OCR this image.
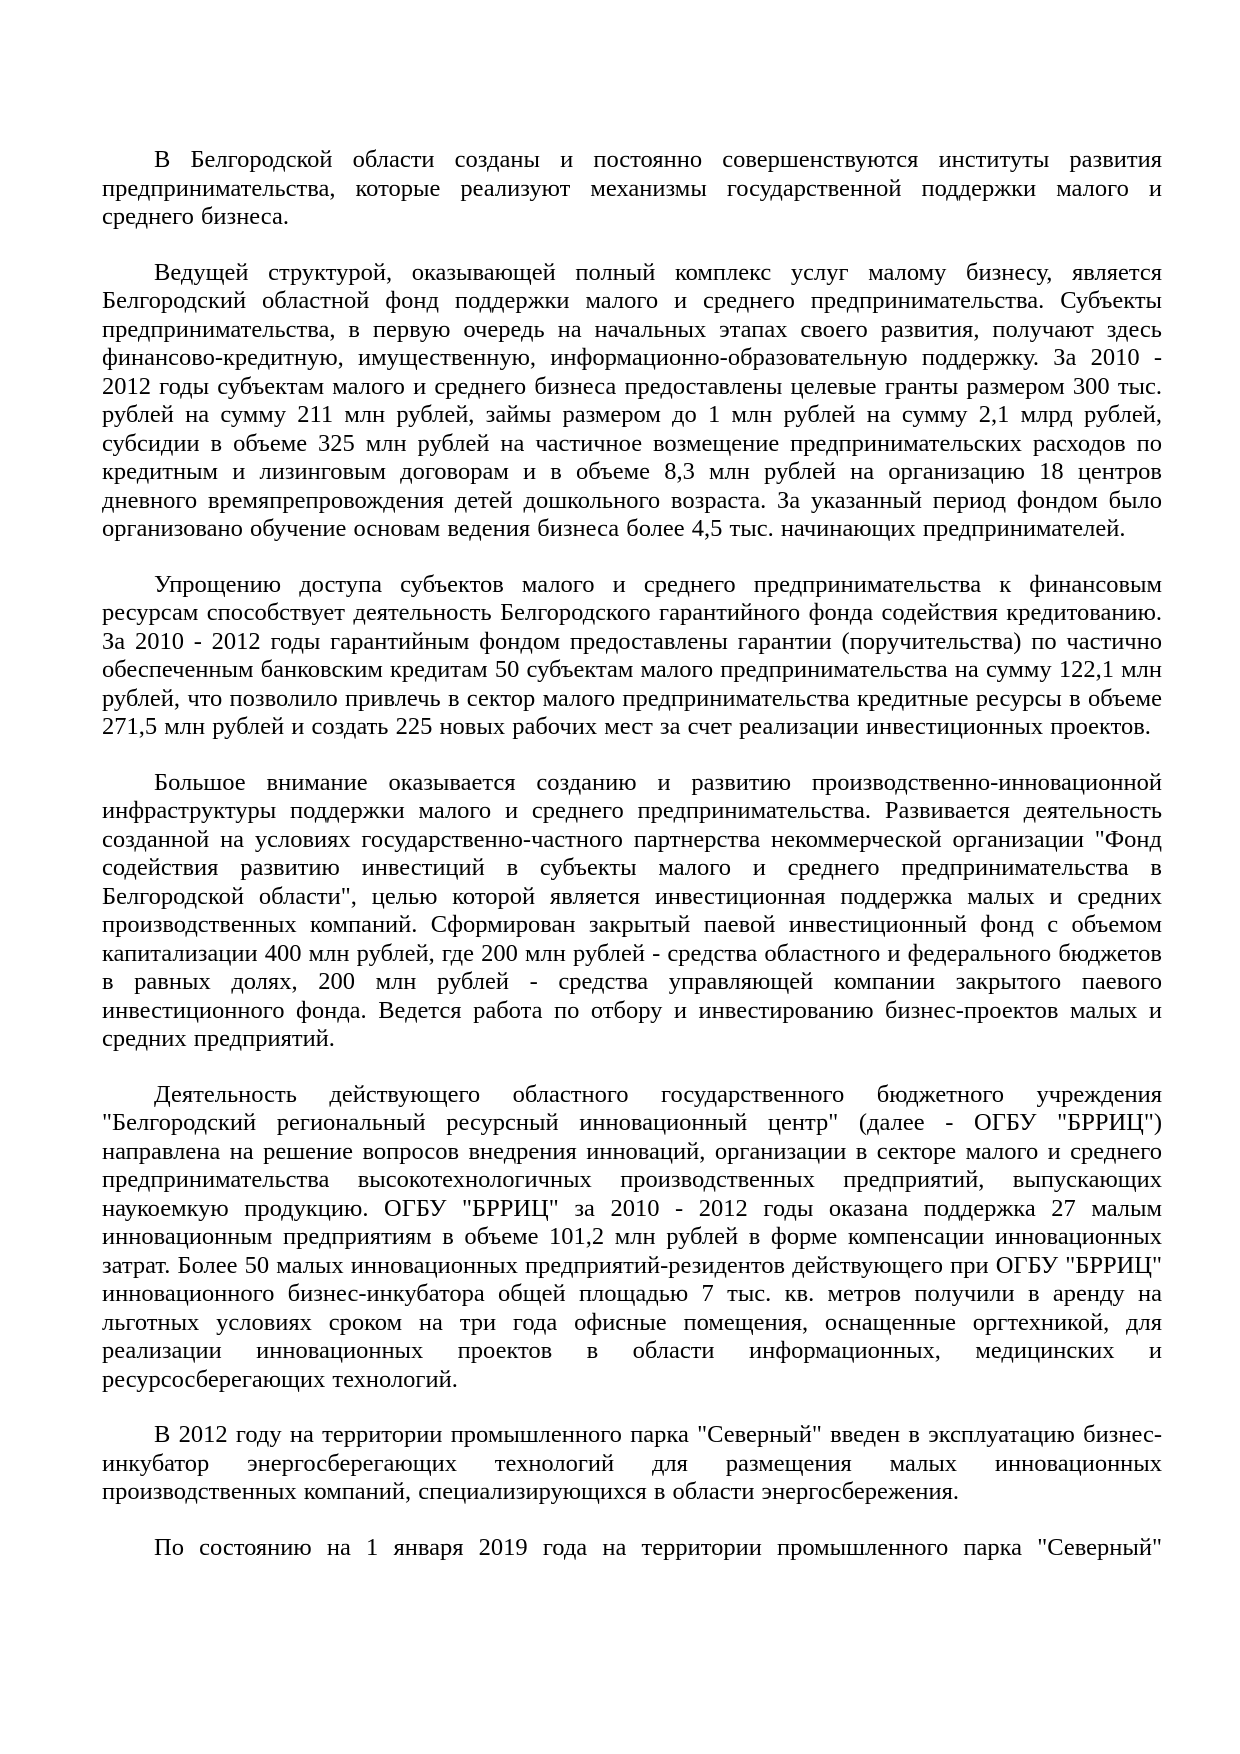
В Белгородской области созданы и постоянно совершенствуются институты развития предпринимательства, которые реализуют механизмы государственной поддержки малого и среднего бизнеса.

Ведущей структурой, оказывающей полный комплекс услуг малому бизнесу, является Белгородский областной фонд поддержки малого и среднего предпринимательства. Субъекты предпринимательства, в первую очередь на начальных этапах своего развития, получают здесь финансово-кредитную, имущественную, информационно-образовательную поддержку. За 2010 - 2012 годы субъектам малого и среднего бизнеса предоставлены целевые гранты размером 300 тыс. рублей на сумму 211 млн рублей, займы размером до 1 млн рублей на сумму 2,1 млрд рублей, субсидии в объеме 325 млн рублей на частичное возмещение предпринимательских расходов по кредитным и лизинговым договорам и в объеме 8,3 млн рублей на организацию 18 центров дневного времяпрепровождения детей дошкольного возраста. За указанный период фондом было организовано обучение основам ведения бизнеса более 4,5 тыс. начинающих предпринимателей.

Упрощению доступа субъектов малого и среднего предпринимательства к финансовым ресурсам способствует деятельность Белгородского гарантийного фонда содействия кредитованию. За 2010 - 2012 годы гарантийным фондом предоставлены гарантии (поручительства) по частично обеспеченным банковским кредитам 50 субъектам малого предпринимательства на сумму 122,1 млн рублей, что позволило привлечь в сектор малого предпринимательства кредитные ресурсы в объеме 271,5 млн рублей и создать 225 новых рабочих мест за счет реализации инвестиционных проектов.

Большое внимание оказывается созданию и развитию производственно-инновационной инфраструктуры поддержки малого и среднего предпринимательства. Развивается деятельность созданной на условиях государственно-частного партнерства некоммерческой организации "Фонд содействия развитию инвестиций в субъекты малого и среднего предпринимательства в Белгородской области", целью которой является инвестиционная поддержка малых и средних производственных компаний. Сформирован закрытый паевой инвестиционный фонд с объемом капитализации 400 млн рублей, где 200 млн рублей - средства областного и федерального бюджетов в равных долях, 200 млн рублей - средства управляющей компании закрытого паевого инвестиционного фонда. Ведется работа по отбору и инвестированию бизнес-проектов малых и средних предприятий.

Деятельность действующего областного государственного бюджетного учреждения "Белгородский региональный ресурсный инновационный центр" (далее - ОГБУ "БРРИЦ") направлена на решение вопросов внедрения инноваций, организации в секторе малого и среднего предпринимательства высокотехнологичных производственных предприятий, выпускающих наукоемкую продукцию. ОГБУ "БРРИЦ" за 2010 - 2012 годы оказана поддержка 27 малым инновационным предприятиям в объеме 101,2 млн рублей в форме компенсации инновационных затрат. Более 50 малых инновационных предприятий-резидентов действующего при ОГБУ "БРРИЦ" инновационного бизнес-инкубатора общей площадью 7 тыс. кв. метров получили в аренду на льготных условиях сроком на три года офисные помещения, оснащенные оргтехникой, для реализации инновационных проектов в области информационных, медицинских и ресурсосберегающих технологий.

В 2012 году на территории промышленного парка "Северный" введен в эксплуатацию бизнес-инкубатор энергосберегающих технологий для размещения малых инновационных производственных компаний, специализирующихся в области энергосбережения.

По состоянию на 1 января 2019 года на территории промышленного парка "Северный"
